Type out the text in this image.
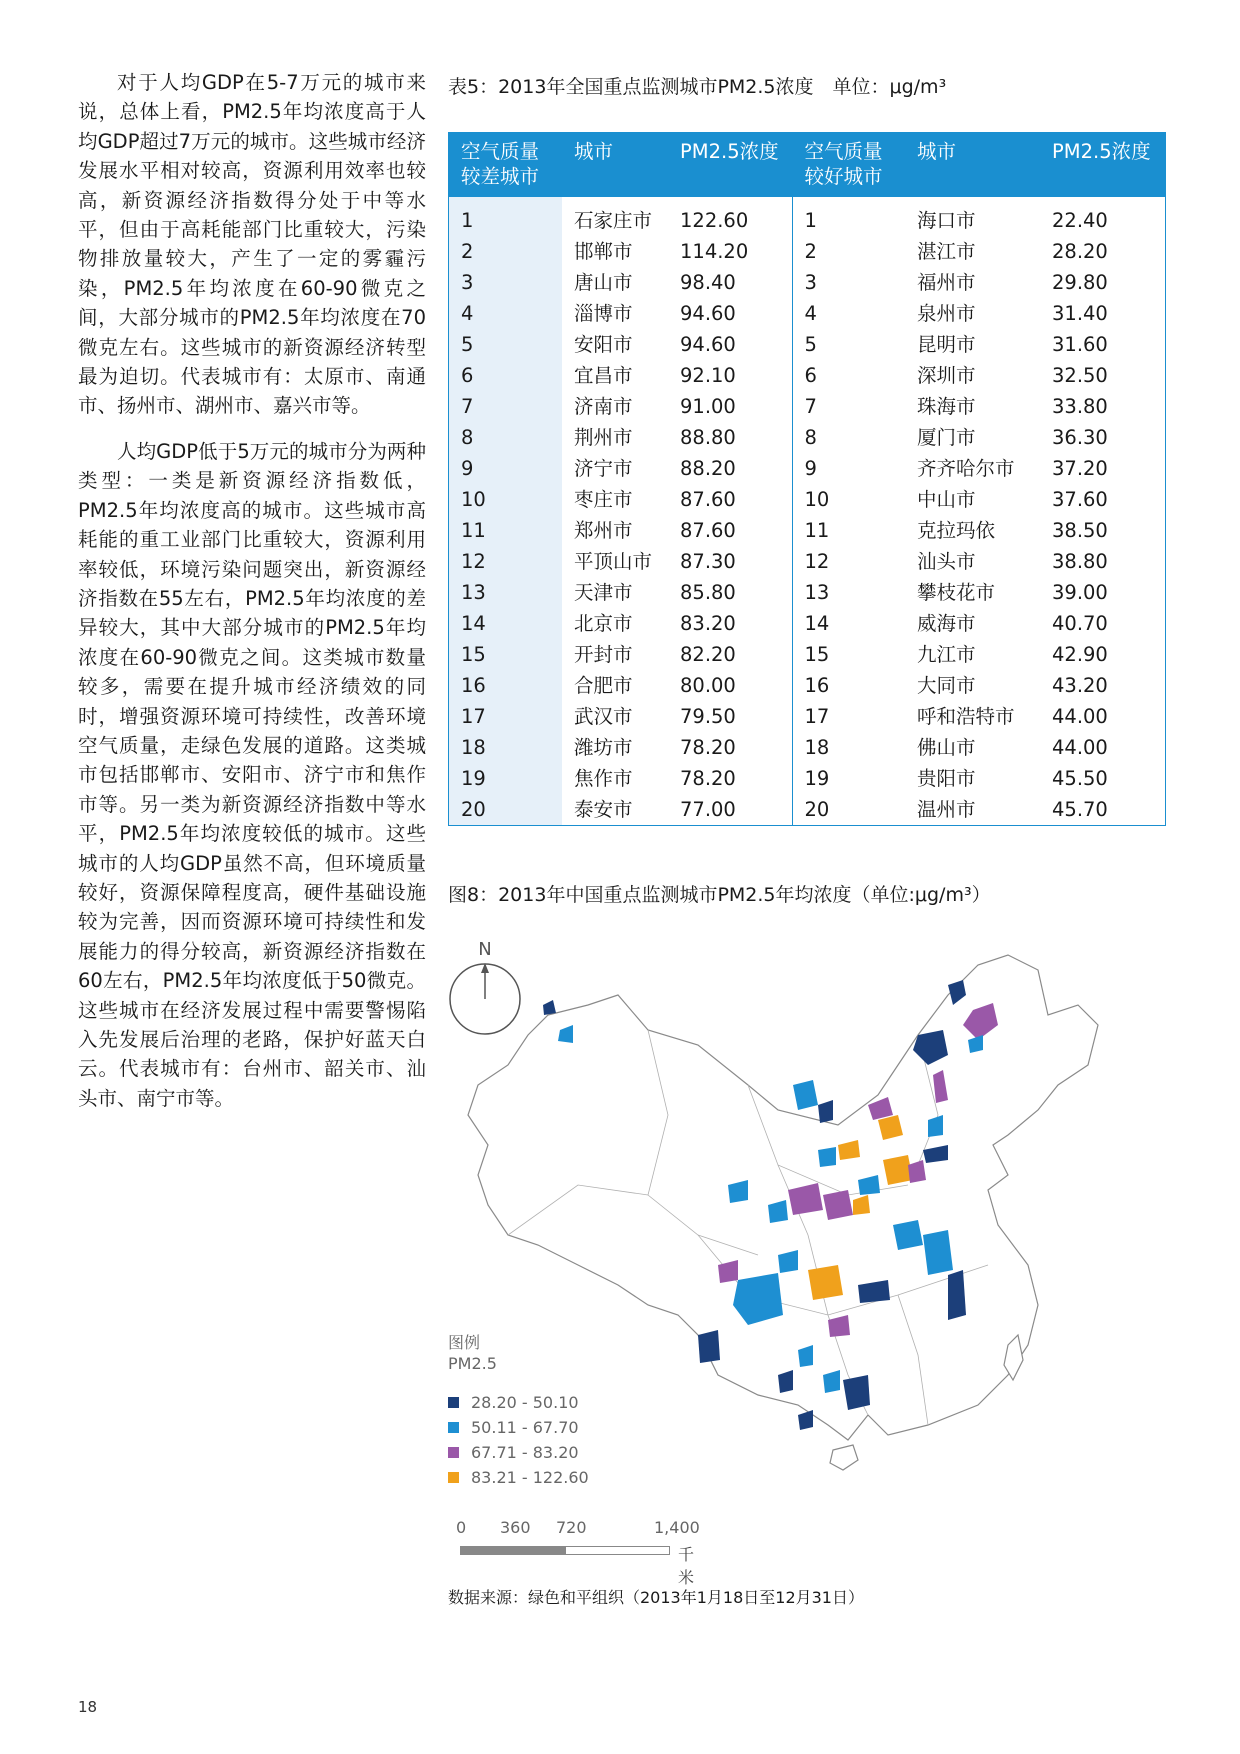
对于人均GDP在5-7万元的城市来说，总体上看，PM2.5年均浓度高于人均GDP超过7万元的城市。这些城市经济发展水平相对较高，资源利用效率也较高，新资源经济指数得分处于中等水平，但由于高耗能部门比重较大，污染物排放量较大，产生了一定的雾霾污染，PM2.5年均浓度在60-90微克之间，大部分城市的PM2.5年均浓度在70微克左右。这些城市的新资源经济转型最为迫切。代表城市有：太原市、南通市、扬州市、湖州市、嘉兴市等。

人均GDP低于5万元的城市分为两种类型：一类是新资源经济指数低，PM2.5年均浓度高的城市。这些城市高耗能的重工业部门比重较大，资源利用率较低，环境污染问题突出，新资源经济指数在55左右，PM2.5年均浓度的差异较大，其中大部分城市的PM2.5年均浓度在60-90微克之间。这类城市数量较多，需要在提升城市经济绩效的同时，增强资源环境可持续性，改善环境空气质量，走绿色发展的道路。这类城市包括邯郸市、安阳市、济宁市和焦作市等。另一类为新资源经济指数中等水平，PM2.5年均浓度较低的城市。这些城市的人均GDP虽然不高，但环境质量较好，资源保障程度高，硬件基础设施较为完善，因而资源环境可持续性和发展能力的得分较高，新资源经济指数在60左右，PM2.5年均浓度低于50微克。这些城市在经济发展过程中需要警惕陷入先发展后治理的老路，保护好蓝天白云。代表城市有：台州市、韶关市、汕头市、南宁市等。

表5：2013年全国重点监测城市PM2.5浓度　单位：μg/m³
空气质量较差城市	城市	PM2.5浓度	空气质量较好城市	城市	PM2.5浓度
1	石家庄市	122.60	1	海口市	22.40
2	邯郸市	114.20	2	湛江市	28.20
3	唐山市	98.40	3	福州市	29.80
4	淄博市	94.60	4	泉州市	31.40
5	安阳市	94.60	5	昆明市	31.60
6	宜昌市	92.10	6	深圳市	32.50
7	济南市	91.00	7	珠海市	33.80
8	荆州市	88.80	8	厦门市	36.30
9	济宁市	88.20	9	齐齐哈尔市	37.20
10	枣庄市	87.60	10	中山市	37.60
11	郑州市	87.60	11	克拉玛依	38.50
12	平顶山市	87.30	12	汕头市	38.80
13	天津市	85.80	13	攀枝花市	39.00
14	北京市	83.20	14	威海市	40.70
15	开封市	82.20	15	九江市	42.90
16	合肥市	80.00	16	大同市	43.20
17	武汉市	79.50	17	呼和浩特市	44.00
18	潍坊市	78.20	18	佛山市	44.00
19	焦作市	78.20	19	贵阳市	45.50
20	泰安市	77.00	20	温州市	45.70
图8：2013年中国重点监测城市PM2.5年均浓度（单位:μg/m³）
N
图例
PM2.5
28.20 - 50.10
50.11 - 67.70
67.71 - 83.20
83.21 - 122.60
0 360 720	1,400
千米
数据来源：绿色和平组织（2013年1月18日至12月31日）
18
